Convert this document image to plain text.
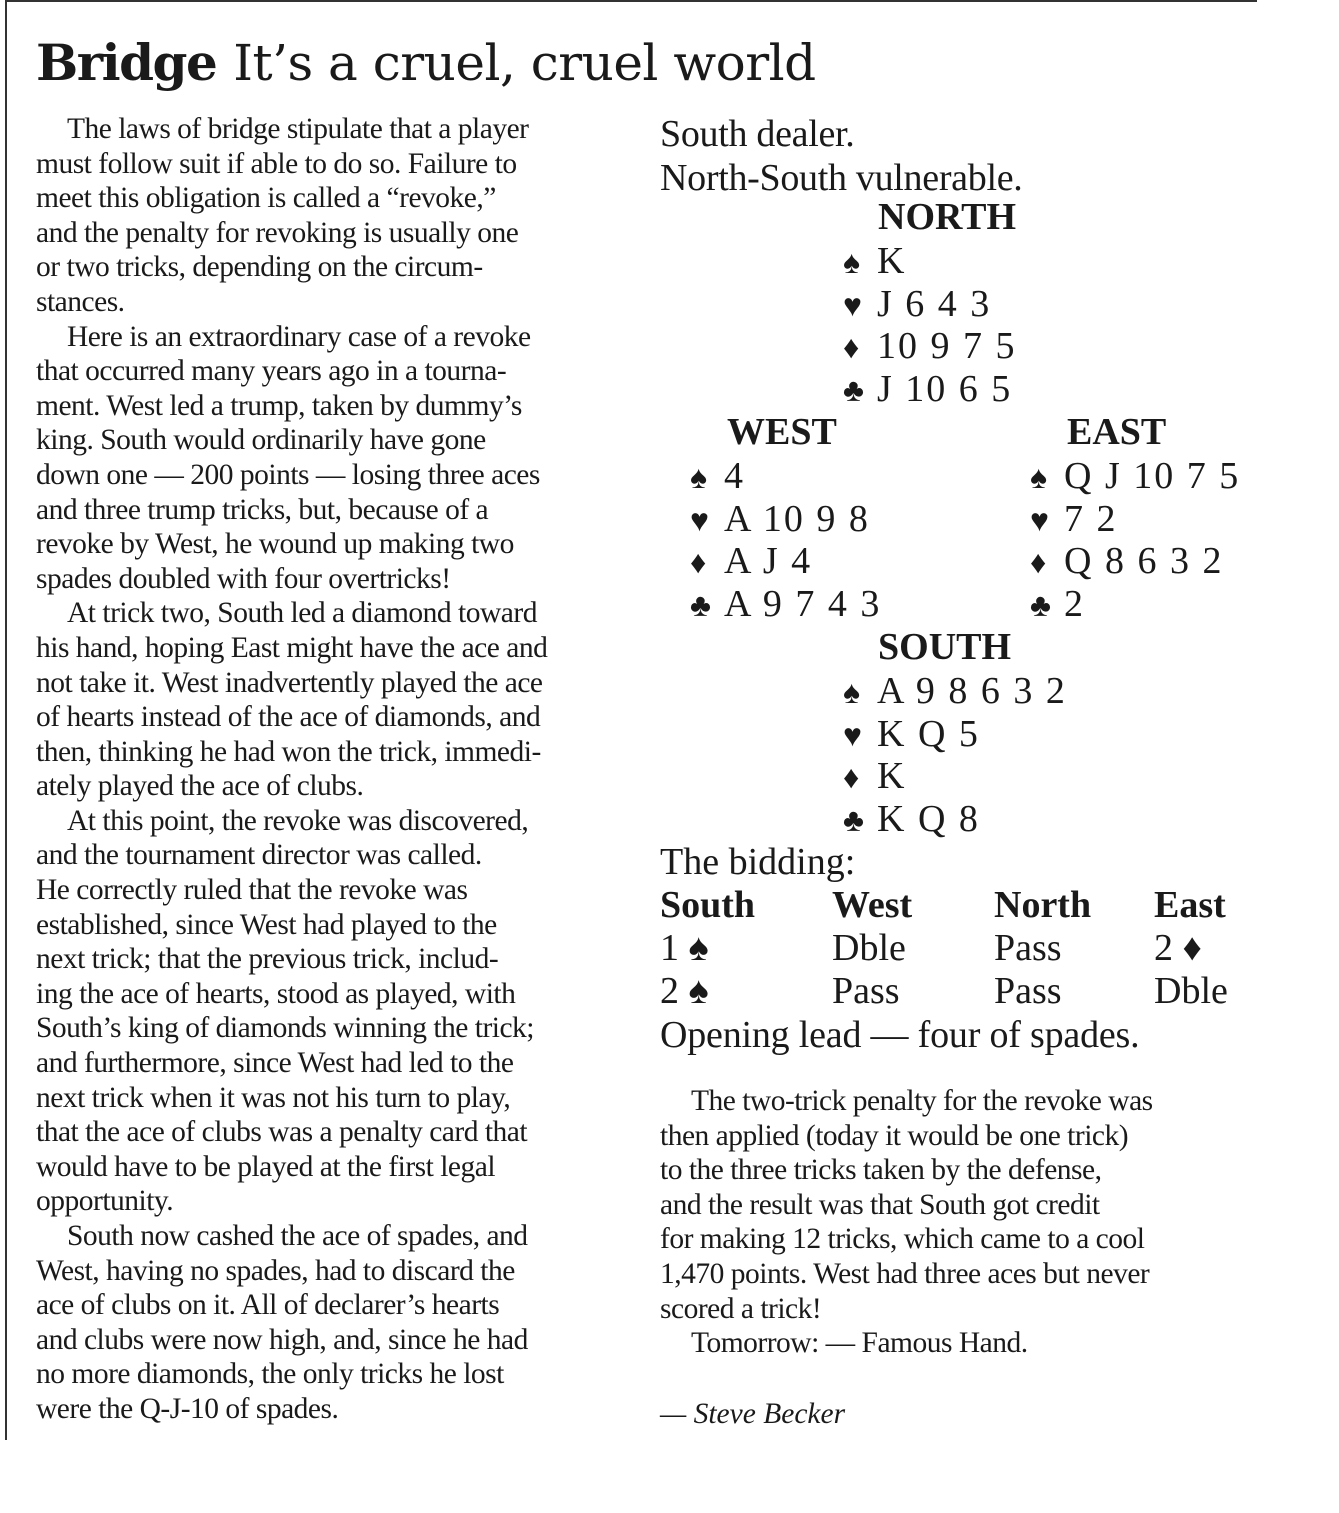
Bridge It’s a cruel, cruel world
The laws of bridge stipulate that a player
must follow suit if able to do so. Failure to
meet this obligation is called a “revoke,”
and the penalty for revoking is usually one
or two tricks, depending on the circum-
stances.
Here is an extraordinary case of a revoke
that occurred many years ago in a tourna-
ment. West led a trump, taken by dummy’s
king. South would ordinarily have gone
down one — 200 points — losing three aces
and three trump tricks, but, because of a
revoke by West, he wound up making two
spades doubled with four overtricks!
At trick two, South led a diamond toward
his hand, hoping East might have the ace and
not take it. West inadvertently played the ace
of hearts instead of the ace of diamonds, and
then, thinking he had won the trick, immedi-
ately played the ace of clubs.
At this point, the revoke was discovered,
and the tournament director was called.
He correctly ruled that the revoke was
established, since West had played to the
next trick; that the previous trick, includ-
ing the ace of hearts, stood as played, with
South’s king of diamonds winning the trick;
and furthermore, since West had led to the
next trick when it was not his turn to play,
that the ace of clubs was a penalty card that
would have to be played at the first legal
opportunity.
South now cashed the ace of spades, and
West, having no spades, had to discard the
ace of clubs on it. All of declarer’s hearts
and clubs were now high, and, since he had
no more diamonds, the only tricks he lost
were the Q-J-10 of spades.
South dealer.
North-South vulnerable.
NORTH
♠ K
♥ J 6 4 3
♦ 10 9 7 5
♣ J 10 6 5
WEST
♠ 4
♥ A 10 9 8
♦ A J 4
♣ A 9 7 4 3
EAST
♠ Q J 10 7 5
♥ 7 2
♦ Q 8 6 3 2
♣ 2
SOUTH
♠ A 9 8 6 3 2
♥ K Q 5
♦ K
♣ K Q 8
The bidding:
South	West	North	East
1 ♠	Dble	Pass	2 ♦
2 ♠	Pass	Pass	Dble
Opening lead — four of spades.
The two-trick penalty for the revoke was
then applied (today it would be one trick)
to the three tricks taken by the defense,
and the result was that South got credit
for making 12 tricks, which came to a cool
1,470 points. West had three aces but never
scored a trick!
Tomorrow: — Famous Hand.
— Steve Becker
